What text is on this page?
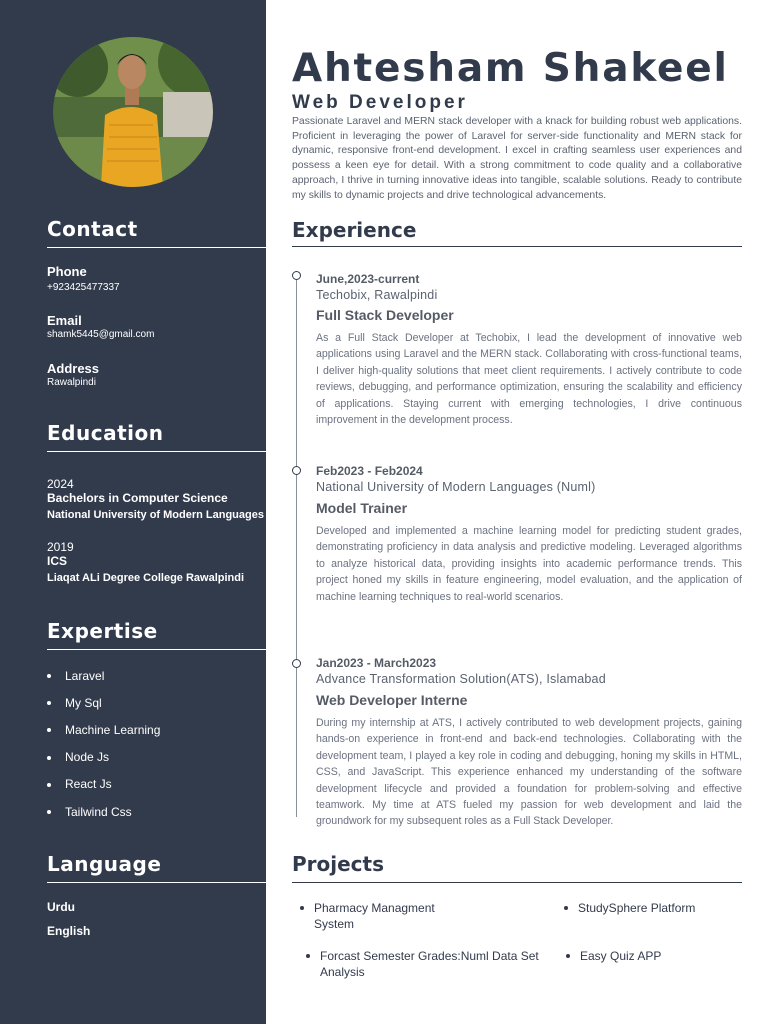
Contact
Phone
+923425477337
Email
shamk5445@gmail.com
Address
Rawalpindi
Education
2024
Bachelors in Computer Science
National University of Modern Languages
2019
ICS
Liaqat ALi Degree College Rawalpindi
Expertise
Laravel
My Sql
Machine Learning
Node Js
React Js
Tailwind Css
Language
Urdu
English
Ahtesham Shakeel
Web Developer

Passionate Laravel and MERN stack developer with a knack for building robust web applications. Proficient in leveraging the power of Laravel for server-side functionality and MERN stack for dynamic, responsive front-end development. I excel in crafting seamless user experiences and possess a keen eye for detail. With a strong commitment to code quality and a collaborative approach, I thrive in turning innovative ideas into tangible, scalable solutions. Ready to contribute my skills to dynamic projects and drive technological advancements.

Experience
June,2023-current
Techobix, Rawalpindi
Full Stack Developer

As a Full Stack Developer at Techobix, I lead the development of innovative web applications using Laravel and the MERN stack. Collaborating with cross-functional teams, I deliver high-quality solutions that meet client requirements. I actively contribute to code reviews, debugging, and performance optimization, ensuring the scalability and efficiency of applications. Staying current with emerging technologies, I drive continuous improvement in the development process.

Feb2023 - Feb2024
National University of Modern Languages (Numl)
Model Trainer

Developed and implemented a machine learning model for predicting student grades, demonstrating proficiency in data analysis and predictive modeling. Leveraged algorithms to analyze historical data, providing insights into academic performance trends. This project honed my skills in feature engineering, model evaluation, and the application of machine learning techniques to real-world scenarios.

Jan2023 - March2023
Advance Transformation Solution(ATS), Islamabad
Web Developer Interne

During my internship at ATS, I actively contributed to web development projects, gaining hands-on experience in front-end and back-end technologies. Collaborating with the development team, I played a key role in coding and debugging, honing my skills in HTML, CSS, and JavaScript. This experience enhanced my understanding of the software development lifecycle and provided a foundation for problem-solving and effective teamwork. My time at ATS fueled my passion for web development and laid the groundwork for my subsequent roles as a Full Stack Developer.

Projects
Pharmacy Managment System
StudySphere Platform
Forcast Semester Grades:Numl Data Set Analysis
Easy Quiz APP
